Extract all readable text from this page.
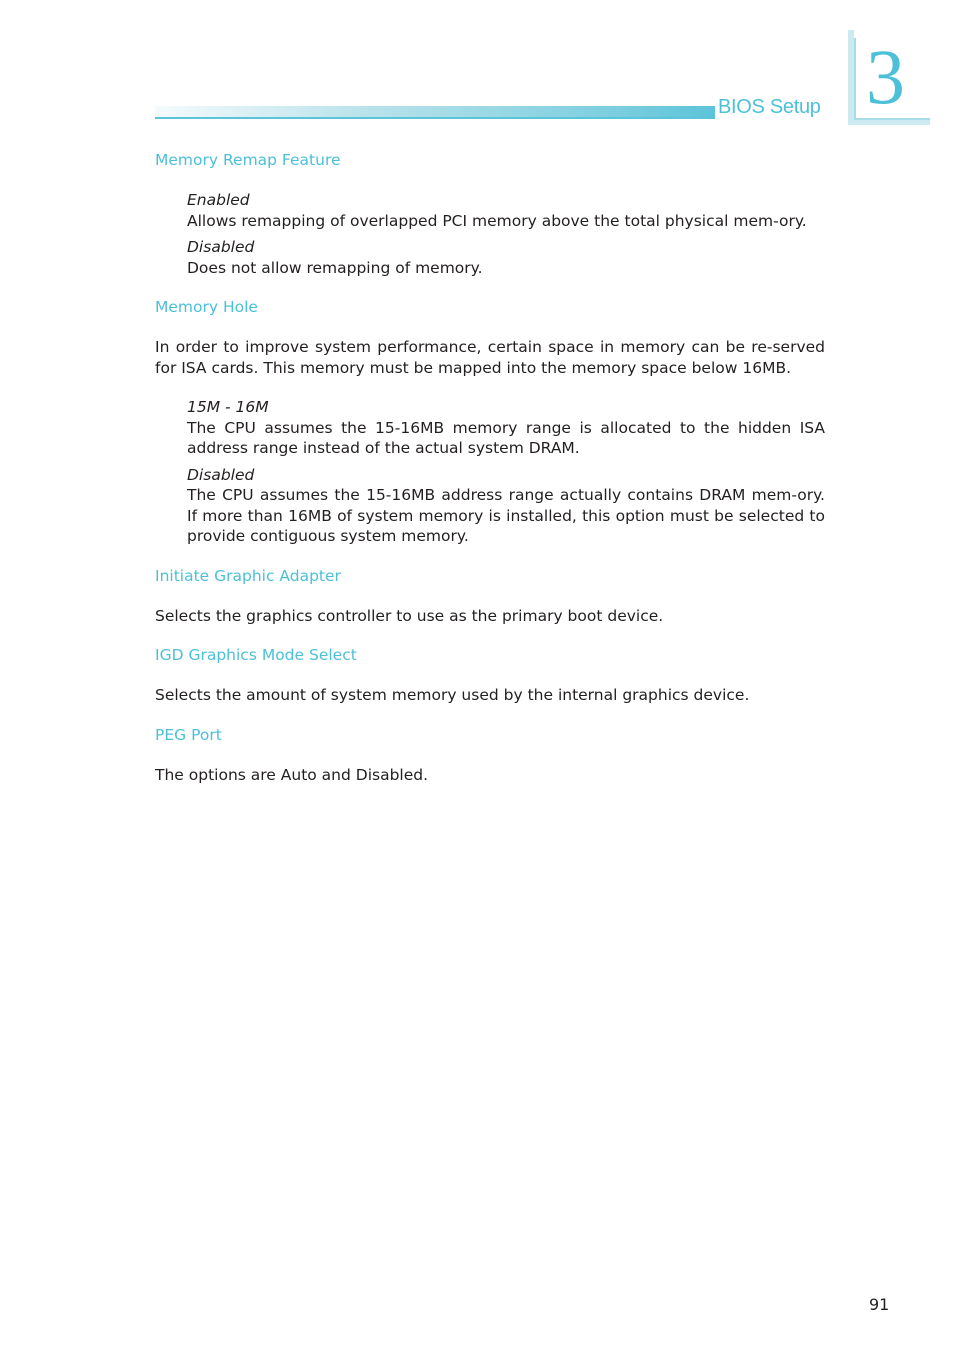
BIOS Setup 3

Memory Remap Feature

Enabled

Allows remapping of overlapped PCI memory above the total physical mem-ory.

Disabled

Does not allow remapping of memory.

Memory Hole

In order to improve system performance, certain space in memory can be re-served for ISA cards. This memory must be mapped into the memory space below 16MB.

15M - 16M

The CPU assumes the 15-16MB memory range is allocated to the hidden ISA address range instead of the actual system DRAM.

Disabled

The CPU assumes the 15-16MB address range actually contains DRAM mem-ory. If more than 16MB of system memory is installed, this option must be selected to provide contiguous system memory.

Initiate Graphic Adapter

Selects the graphics controller to use as the primary boot device.

IGD Graphics Mode Select

Selects the amount of system memory used by the internal graphics device.

PEG Port

The options are Auto and Disabled.

91
